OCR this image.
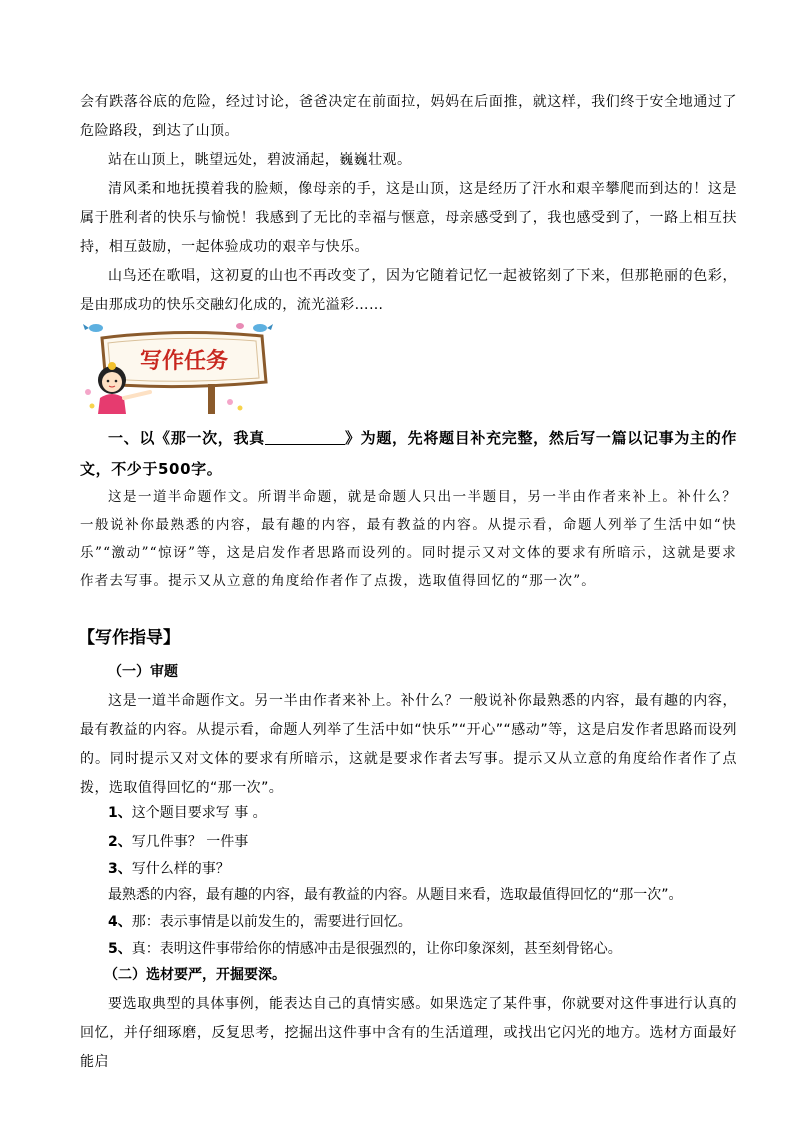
会有跌落谷底的危险，经过讨论，爸爸决定在前面拉，妈妈在后面推，就这样，我们终于安全地通过了危险路段，到达了山顶。

站在山顶上，眺望远处，碧波涌起，巍巍壮观。

清风柔和地抚摸着我的脸颊，像母亲的手，这是山顶，这是经历了汗水和艰辛攀爬而到达的！这是属于胜利者的快乐与愉悦！我感到了无比的幸福与惬意，母亲感受到了，我也感受到了，一路上相互扶持，相互鼓励，一起体验成功的艰辛与快乐。

山鸟还在歌唱，这初夏的山也不再改变了，因为它随着记忆一起被铭刻了下来，但那艳丽的色彩，是由那成功的快乐交融幻化成的，流光溢彩……

写作任务

一、以《那一次，我真	》为题，先将题目补充完整，然后写一篇以记事为主的作文，不少于500字。

这是一道半命题作文。所谓半命题，就是命题人只出一半题目，另一半由作者来补上。补什么？一般说补你最熟悉的内容，最有趣的内容，最有教益的内容。从提示看，命题人列举了生活中如“快乐”“激动”“惊讶”等，这是启发作者思路而设列的。同时提示又对文体的要求有所暗示，这就是要求作者去写事。提示又从立意的角度给作者作了点拨，选取值得回忆的“那一次”。

【写作指导】
（一）审题

这是一道半命题作文。另一半由作者来补上。补什么？一般说补你最熟悉的内容，最有趣的内容，最有教益的内容。从提示看，命题人列举了生活中如“快乐”“开心”“感动”等，这是启发作者思路而设列的。同时提示又对文体的要求有所暗示，这就是要求作者去写事。提示又从立意的角度给作者作了点拨，选取值得回忆的“那一次”。

1、这个题目要求写 事 。
2、写几件事？ 一件事
3、写什么样的事？
最熟悉的内容，最有趣的内容，最有教益的内容。从题目来看，选取最值得回忆的“那一次”。
4、那：表示事情是以前发生的，需要进行回忆。
5、真：表明这件事带给你的情感冲击是很强烈的，让你印象深刻，甚至刻骨铭心。
（二）选材要严，开掘要深。

要选取典型的具体事例，能表达自己的真情实感。如果选定了某件事，你就要对这件事进行认真的回忆，并仔细琢磨，反复思考，挖掘出这件事中含有的生活道理，或找出它闪光的地方。选材方面最好能启
